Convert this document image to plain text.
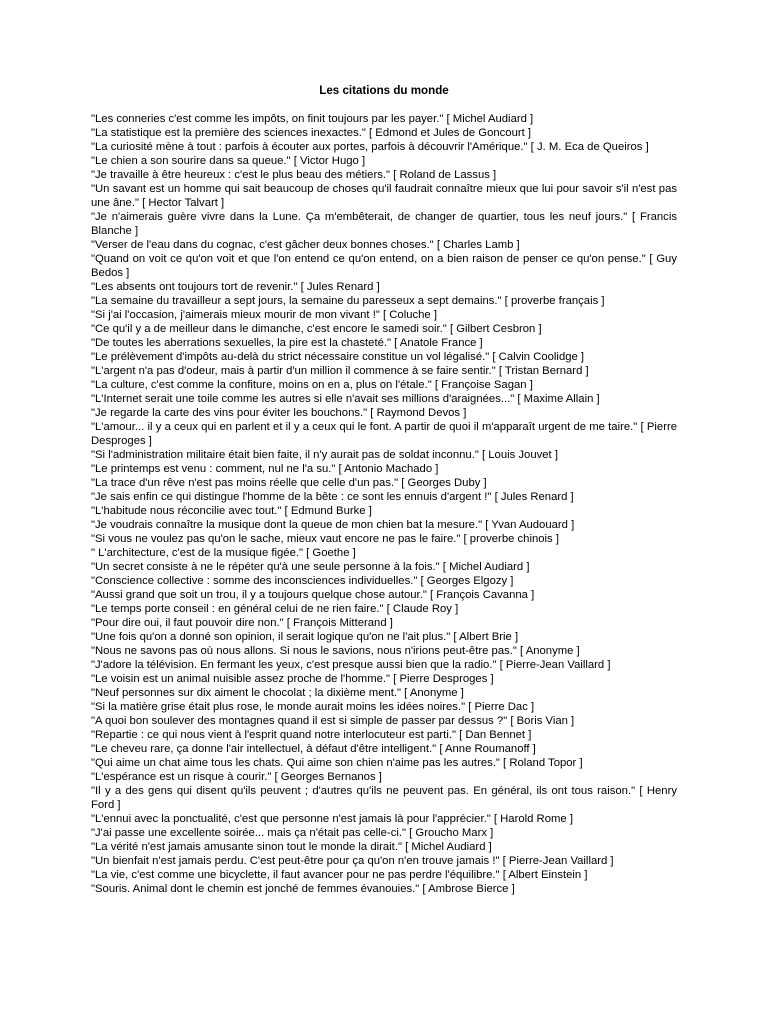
Les citations du monde
"Les conneries c'est comme les impôts, on finit toujours par les payer." [ Michel Audiard ]
"La statistique est la première des sciences inexactes." [ Edmond et Jules de Goncourt ]
"La curiosité mène à tout : parfois à écouter aux portes, parfois à découvrir l'Amérique." [ J. M. Eca de Queiros ]
"Le chien a son sourire dans sa queue." [ Victor Hugo ]
"Je travaille à être heureux : c'est le plus beau des métiers." [ Roland de Lassus ]
"Un savant est un homme qui sait beaucoup de choses qu'il faudrait connaître mieux que lui pour savoir s'il n'est pas une âne." [ Hector Talvart ]
"Je n'aimerais guère vivre dans la Lune. Ça m'embêterait, de changer de quartier, tous les neuf jours." [ Francis Blanche ]
"Verser de l'eau dans du cognac, c'est gâcher deux bonnes choses." [ Charles Lamb ]
"Quand on voit ce qu'on voit et que l'on entend ce qu'on entend, on a bien raison de penser ce qu'on pense." [ Guy Bedos ]
"Les absents ont toujours tort de revenir." [ Jules Renard ]
"La semaine du travailleur a sept jours, la semaine du paresseux a sept demains." [ proverbe français ]
"Si j'ai l'occasion, j'aimerais mieux mourir de mon vivant !" [ Coluche ]
"Ce qu'il y a de meilleur dans le dimanche, c'est encore le samedi soir." [ Gilbert Cesbron ]
"De toutes les aberrations sexuelles, la pire est la chasteté." [ Anatole France ]
"Le prélèvement d'impôts au-delà du strict nécessaire constitue un vol légalisé." [ Calvin Coolidge ]
"L'argent n'a pas d'odeur, mais à partir d'un million il commence à se faire sentir." [ Tristan Bernard ]
"La culture, c'est comme la confiture, moins on en a, plus on l'étale." [ Françoise Sagan ]
"L'Internet serait une toile comme les autres si elle n'avait ses millions d'araignées..." [ Maxime Allain ]
"Je regarde la carte des vins pour éviter les bouchons." [ Raymond Devos ]
"L'amour... il y a ceux qui en parlent et il y a ceux qui le font. A partir de quoi il m'apparaît urgent de me taire." [ Pierre Desproges ]
"Si l'administration militaire était bien faite, il n'y aurait pas de soldat inconnu." [ Louis Jouvet ]
"Le printemps est venu : comment, nul ne l'a su." [ Antonio Machado ]
"La trace d'un rêve n'est pas moins réelle que celle d'un pas." [ Georges Duby ]
"Je sais enfin ce qui distingue l'homme de la bête : ce sont les ennuis d'argent !" [ Jules Renard ]
"L'habitude nous réconcilie avec tout." [ Edmund Burke ]
"Je voudrais connaître la musique dont la queue de mon chien bat la mesure." [ Yvan Audouard ]
"Si vous ne voulez pas qu'on le sache, mieux vaut encore ne pas le faire." [ proverbe chinois ]
" L'architecture, c'est de la musique figée." [ Goethe ]
"Un secret consiste à ne le répéter qu'à une seule personne à la fois." [ Michel Audiard ]
"Conscience collective : somme des inconsciences individuelles." [ Georges Elgozy ]
"Aussi grand que soit un trou, il y a toujours quelque chose autour." [ François Cavanna ]
"Le temps porte conseil : en général celui de ne rien faire." [ Claude Roy ]
"Pour dire oui, il faut pouvoir dire non." [ François Mitterand ]
"Une fois qu'on a donné son opinion, il serait logique qu'on ne l'ait plus." [ Albert Brie ]
"Nous ne savons pas où nous allons. Si nous le savions, nous n'irions peut-être pas." [ Anonyme ]
"J'adore la télévision. En fermant les yeux, c'est presque aussi bien que la radio." [ Pierre-Jean Vaillard ]
"Le voisin est un animal nuisible assez proche de l'homme." [ Pierre Desproges ]
"Neuf personnes sur dix aiment le chocolat ; la dixième ment." [ Anonyme ]
"Si la matière grise était plus rose, le monde aurait moins les idées noires." [ Pierre Dac ]
"A quoi bon soulever des montagnes quand il est si simple de passer par dessus ?" [ Boris Vian ]
"Repartie : ce qui nous vient à l'esprit quand notre interlocuteur est parti." [ Dan Bennet ]
"Le cheveu rare, ça donne l'air intellectuel, à défaut d'être intelligent." [ Anne Roumanoff ]
"Qui aime un chat aime tous les chats. Qui aime son chien n'aime pas les autres." [ Roland Topor ]
"L'espérance est un risque à courir." [ Georges Bernanos ]
"Il y a des gens qui disent qu'ils peuvent ; d'autres qu'ils ne peuvent pas. En général, ils ont tous raison." [ Henry Ford ]
"L'ennui avec la ponctualité, c'est que personne n'est jamais là pour l'apprécier." [ Harold Rome ]
"J'ai passe une excellente soirée... mais ça n'était pas celle-ci." [ Groucho Marx ]
"La vérité n'est jamais amusante sinon tout le monde la dirait." [ Michel Audiard ]
"Un bienfait n'est jamais perdu. C'est peut-être pour ça qu'on n'en trouve jamais !" [ Pierre-Jean Vaillard ]
"La vie, c'est comme une bicyclette, il faut avancer pour ne pas perdre l'équilibre." [ Albert Einstein ]
"Souris. Animal dont le chemin est jonché de femmes évanouies." [ Ambrose Bierce ]
